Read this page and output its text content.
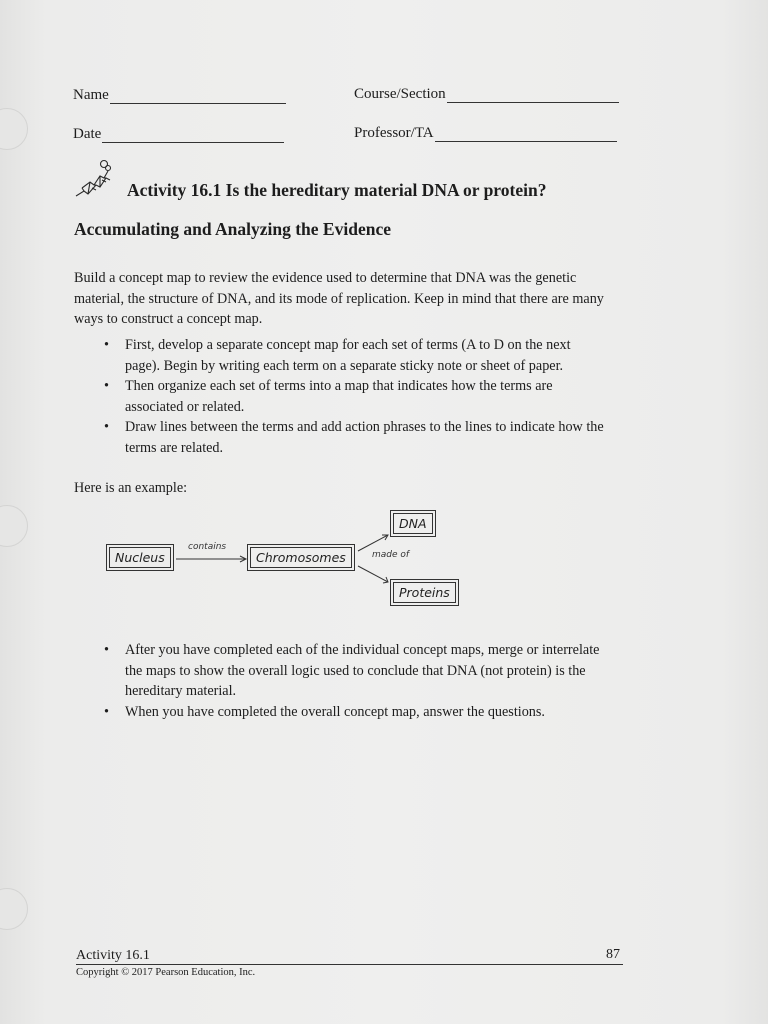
Name	Course/Section
Date	Professor/TA
Activity 16.1 Is the hereditary material DNA or protein?
Accumulating and Analyzing the Evidence

Build a concept map to review the evidence used to determine that DNA was the genetic material, the structure of DNA, and its mode of replication. Keep in mind that there are many ways to construct a concept map.

• First, develop a separate concept map for each set of terms (A to D on the next page). Begin by writing each term on a separate sticky note or sheet of paper.
• Then organize each set of terms into a map that indicates how the terms are associated or related.
• Draw lines between the terms and add action phrases to the lines to indicate how the terms are related.
Here is an example:
Nucleus
contains
Chromosomes
DNA
made of
Proteins
• After you have completed each of the individual concept maps, merge or interrelate the maps to show the overall logic used to conclude that DNA (not protein) is the hereditary material.
• When you have completed the overall concept map, answer the questions.
Activity 16.1	87
Copyright © 2017 Pearson Education, Inc.
